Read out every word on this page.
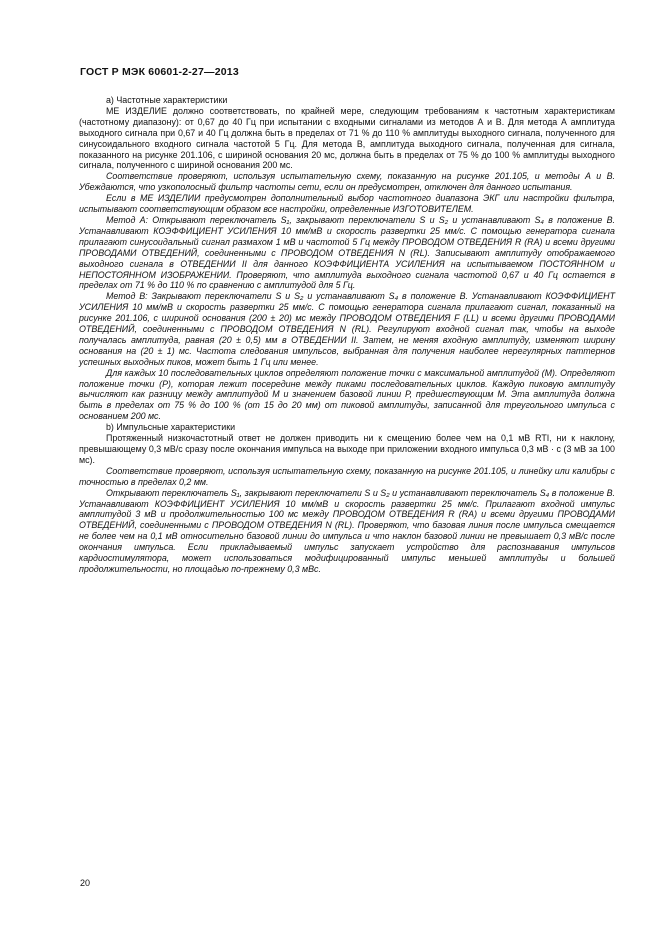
ГОСТ Р МЭК 60601-2-27—2013

а) Частотные характеристики

МЕ ИЗДЕЛИЕ должно соответствовать, по крайней мере, следующим требованиям к частотным характеристикам (частотному диапазону): от 0,67 до 40 Гц при испытании с входными сигналами из методов А и В. Для метода А амплитуда выходного сигнала при 0,67 и 40 Гц должна быть в пределах от 71 % до 110 % амплитуды выходного сигнала, полученного для синусоидального входного сигнала частотой 5 Гц. Для метода В, амплитуда выходного сигнала, полученная для сигнала, показанного на рисунке 201.106, с шириной основания 20 мс, должна быть в пределах от 75 % до 100 % амплитуды выходного сигнала, полученного с шириной основания 200 мс.

Соответствие проверяют, используя испытательную схему, показанную на рисунке 201.105, и методы А и В. Убеждаются, что узкополосный фильтр частоты сети, если он предусмотрен, отключен для данного испытания.

Если в МЕ ИЗДЕЛИИ предусмотрен дополнительный выбор частотного диапазона ЭКГ или настройки фильтра, испытывают соответствующим образом все настройки, определенные ИЗГОТОВИТЕЛЕМ.

Метод А: Открывают переключатель S₁, закрывают переключатели S и S₂ и устанавливают S₄ в положение В. Устанавливают КОЭФФИЦИЕНТ УСИЛЕНИЯ 10 мм/мВ и скорость развертки 25 мм/с. С помощью генератора сигнала прилагают синусоидальный сигнал размахом 1 мВ и частотой 5 Гц между ПРОВОДОМ ОТВЕДЕНИЯ R (RA) и всеми другими ПРОВОДАМИ ОТВЕДЕНИЙ, соединенными с ПРОВОДОМ ОТВЕДЕНИЯ N (RL). Записывают амплитуду отображаемого выходного сигнала в ОТВЕДЕНИИ II для данного КОЭФФИЦИЕНТА УСИЛЕНИЯ на испытываемом ПОСТОЯННОМ и НЕПОСТОЯННОМ ИЗОБРАЖЕНИИ. Проверяют, что амплитуда выходного сигнала частотой 0,67 и 40 Гц остается в пределах от 71 % до 110 % по сравнению с амплитудой для 5 Гц.

Метод В: Закрывают переключатели S и S₂ и устанавливают S₄ в положение В. Устанавливают КОЭФФИЦИЕНТ УСИЛЕНИЯ 10 мм/мВ и скорость развертки 25 мм/с. С помощью генератора сигнала прилагают сигнал, показанный на рисунке 201.106, с шириной основания (200 ± 20) мс между ПРОВОДОМ ОТВЕДЕНИЯ F (LL) и всеми другими ПРОВОДАМИ ОТВЕДЕНИЙ, соединенными с ПРОВОДОМ ОТВЕДЕНИЯ N (RL). Регулируют входной сигнал так, чтобы на выходе получалась амплитуда, равная (20 ± 0,5) мм в ОТВЕДЕНИИ II. Затем, не меняя входную амплитуду, изменяют ширину основания на (20 ± 1) мс. Частота следования импульсов, выбранная для получения наиболее нерегулярных паттернов успешных выходных пиков, может быть 1 Гц или менее.

Для каждых 10 последовательных циклов определяют положение точки с максимальной амплитудой (М). Определяют положение точки (Р), которая лежит посередине между пиками последовательных циклов. Каждую пиковую амплитуду вычисляют как разницу между амплитудой М и значением базовой линии Р, предшествующим М. Эта амплитуда должна быть в пределах от 75 % до 100 % (от 15 до 20 мм) от пиковой амплитуды, записанной для треугольного импульса с основанием 200 мс.

b) Импульсные характеристики

Протяженный низкочастотный ответ не должен приводить ни к смещению более чем на 0,1 мВ RTI, ни к наклону, превышающему 0,3 мВ/с сразу после окончания импульса на выходе при приложении входного импульса 0,3 мВ · с (3 мВ за 100 мс).

Соответствие проверяют, используя испытательную схему, показанную на рисунке 201.105, и линейку или калибры с точностью в пределах 0,2 мм.

Открывают переключатель S₁, закрывают переключатели S и S₂ и устанавливают переключатель S₄ в положение В. Устанавливают КОЭФФИЦИЕНТ УСИЛЕНИЯ 10 мм/мВ и скорость развертки 25 мм/с. Прилагают входной импульс амплитудой 3 мВ и продолжительностью 100 мс между ПРОВОДОМ ОТВЕДЕНИЯ R (RA) и всеми другими ПРОВОДАМИ ОТВЕДЕНИЙ, соединенными с ПРОВОДОМ ОТВЕДЕНИЯ N (RL). Проверяют, что базовая линия после импульса смещается не более чем на 0,1 мВ относительно базовой линии до импульса и что наклон базовой линии не превышает 0,3 мВ/с после окончания импульса. Если прикладываемый импульс запускает устройство для распознавания импульсов кардиостимулятора, может использоваться модифицированный импульс меньшей амплитуды и большей продолжительности, но площадью по-прежнему 0,3 мВс.

20
